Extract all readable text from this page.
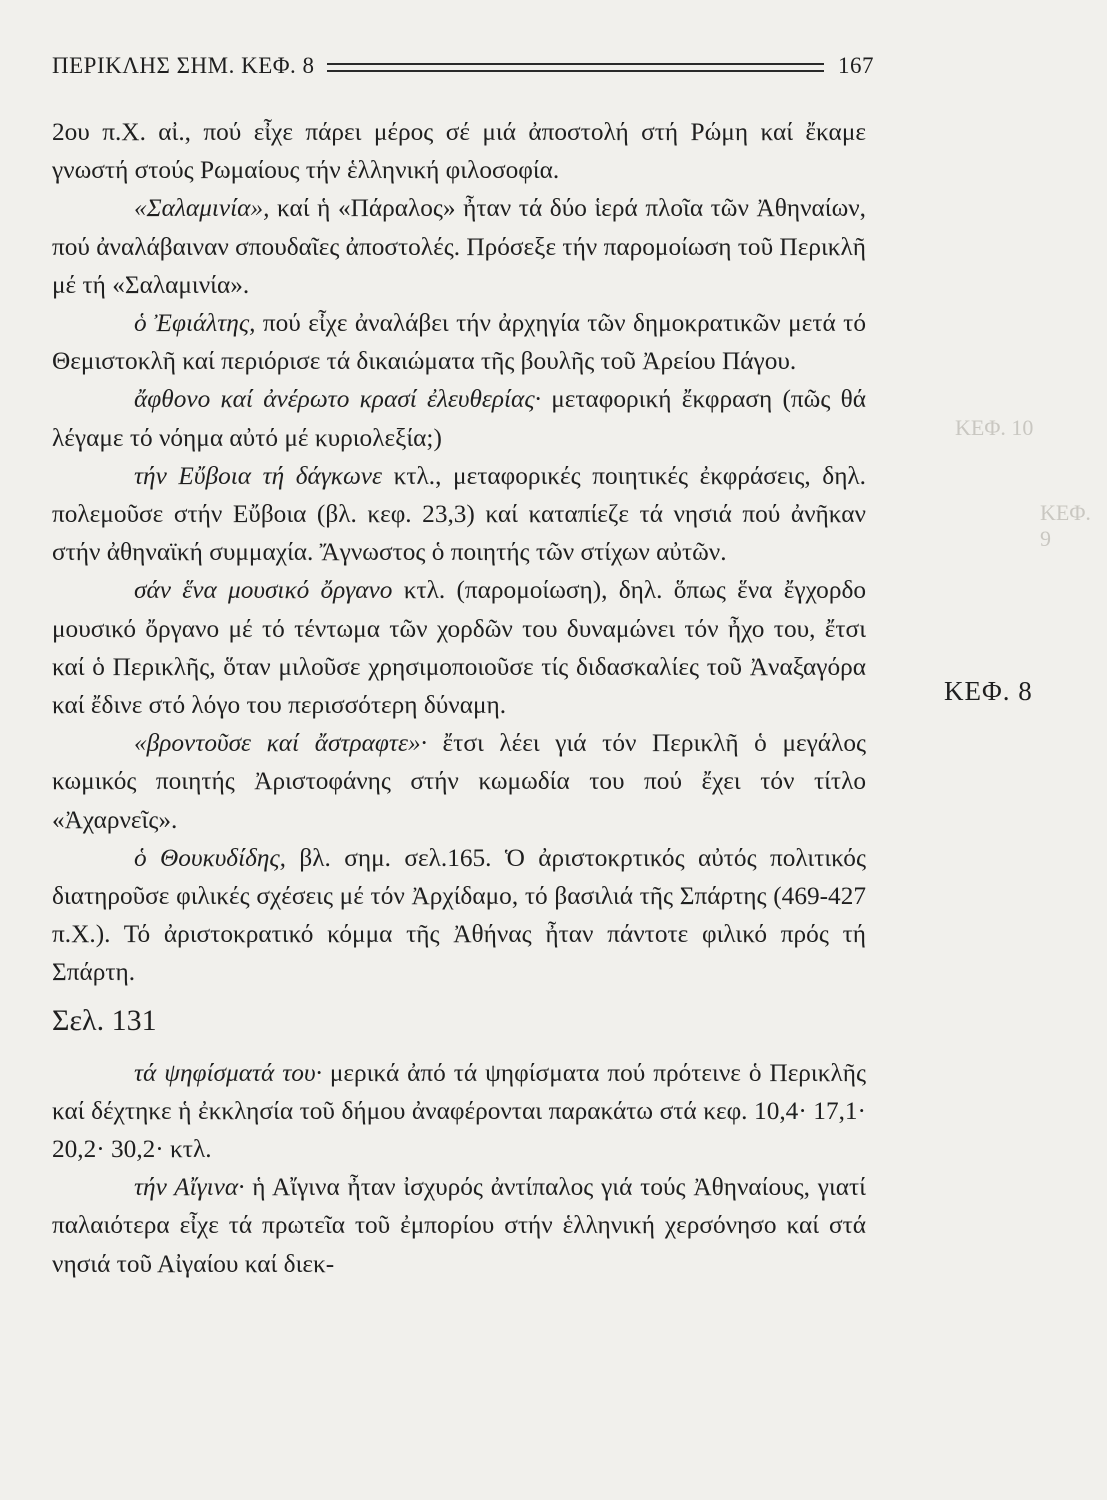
ΠΕΡΙΚΛΗΣ ΣΗΜ. ΚΕΦ. 8	167
ΚΕΦ. 10
ΚΕΦ. 9
ΚΕΦ. 8

2ου π.Χ. αἰ., πού εἶχε πάρει μέρος σέ μιά ἀποστολή στή Ρώμη καί ἔκαμε γνωστή στούς Ρωμαίους τήν ἑλληνική φιλοσοφία.

«Σαλαμινία», καί ἡ «Πάραλος» ἦταν τά δύο ἱερά πλοῖα τῶν Ἀθηναίων, πού ἀναλάβαιναν σπουδαῖες ἀποστολές. Πρόσεξε τήν παρομοίωση τοῦ Περικλῆ μέ τή «Σαλαμινία».

ὁ Ἐφιάλτης, πού εἶχε ἀναλάβει τήν ἀρχηγία τῶν δημοκρατικῶν μετά τό Θεμιστοκλῆ καί περιόρισε τά δικαιώματα τῆς βουλῆς τοῦ Ἀρείου Πάγου.

ἄφθονο καί ἀνέρωτο κρασί ἐλευθερίας· μεταφορική ἔκφραση (πῶς θά λέγαμε τό νόημα αὐτό μέ κυριολεξία;)

τήν Εὔβοια τή δάγκωνε κτλ., μεταφορικές ποιητικές ἐκφράσεις, δηλ. πολεμοῦσε στήν Εὔβοια (βλ. κεφ. 23,3) καί καταπίεζε τά νησιά πού ἀνῆκαν στήν ἀθηναϊκή συμμαχία. Ἄγνωστος ὁ ποιητής τῶν στίχων αὐτῶν.

σάν ἕνα μουσικό ὄργανο κτλ. (παρομοίωση), δηλ. ὅπως ἕνα ἔγχορδο μουσικό ὄργανο μέ τό τέντωμα τῶν χορδῶν του δυναμώνει τόν ἦχο του, ἔτσι καί ὁ Περικλῆς, ὅταν μιλοῦσε χρησιμοποιοῦσε τίς διδασκαλίες τοῦ Ἀναξαγόρα καί ἔδινε στό λόγο του περισσότερη δύναμη.

«βροντοῦσε καί ἄστραφτε»· ἔτσι λέει γιά τόν Περικλῆ ὁ μεγάλος κωμικός ποιητής Ἀριστοφάνης στήν κωμωδία του πού ἔχει τόν τίτλο «Ἀχαρνεῖς».

ὁ Θουκυδίδης, βλ. σημ. σελ.165. Ὁ ἀριστοκρτικός αὐτός πολιτικός διατηροῦσε φιλικές σχέσεις μέ τόν Ἀρχίδαμο, τό βασιλιά τῆς Σπάρτης (469-427 π.Χ.). Τό ἀριστοκρατικό κόμμα τῆς Ἀθήνας ἦταν πάντοτε φιλικό πρός τή Σπάρτη.

Σελ. 131

τά ψηφίσματά του· μερικά ἀπό τά ψηφίσματα πού πρότεινε ὁ Περικλῆς καί δέχτηκε ἡ ἐκκλησία τοῦ δήμου ἀναφέρονται παρακάτω στά κεφ. 10,4· 17,1· 20,2· 30,2· κτλ.

τήν Αἴγινα· ἡ Αἴγινα ἦταν ἰσχυρός ἀντίπαλος γιά τούς Ἀθηναίους, γιατί παλαιότερα εἶχε τά πρωτεῖα τοῦ ἐμπορίου στήν ἑλληνική χερσόνησο καί στά νησιά τοῦ Αἰγαίου καί διεκ-
